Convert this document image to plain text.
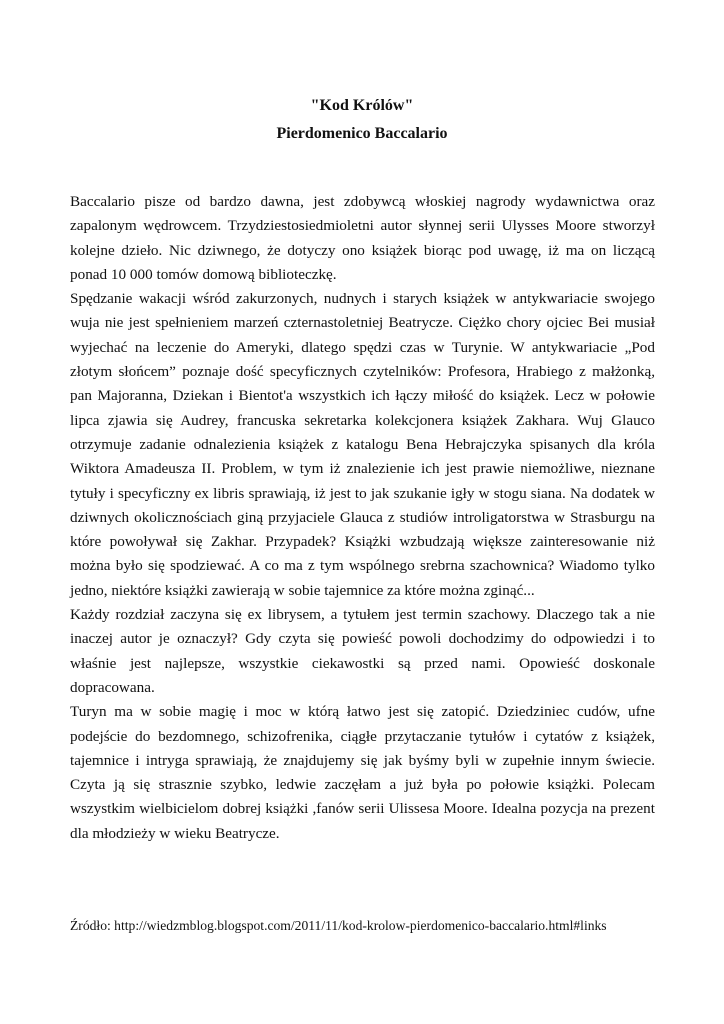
"Kod Królów"
Pierdomenico Baccalario

Baccalario pisze od bardzo dawna, jest zdobywcą włoskiej nagrody wydawnictwa oraz zapalonym wędrowcem. Trzydziestosiedmioletni autor słynnej serii Ulysses Moore stworzył kolejne dzieło. Nic dziwnego, że dotyczy ono książek biorąc pod uwagę, iż ma on liczącą ponad 10 000 tomów domową biblioteczkę.

Spędzanie wakacji wśród zakurzonych, nudnych i starych książek w antykwariacie swojego wuja nie jest spełnieniem marzeń czternastoletniej Beatrycze. Ciężko chory ojciec Bei musiał wyjechać na leczenie do Ameryki, dlatego spędzi czas w Turynie. W antykwariacie „Pod złotym słońcem” poznaje dość specyficznych czytelników: Profesora, Hrabiego z małżonką, pan Majoranna, Dziekan i Bientot'a wszystkich ich łączy miłość do książek. Lecz w połowie lipca zjawia się Audrey, francuska sekretarka kolekcjonera książek Zakhara. Wuj Glauco otrzymuje zadanie odnalezienia książek z katalogu Bena Hebrajczyka spisanych dla króla Wiktora Amadeusza II. Problem, w tym iż znalezienie ich jest prawie niemożliwe, nieznane tytuły i specyficzny ex libris sprawiają, iż jest to jak szukanie igły w stogu siana. Na dodatek w dziwnych okolicznościach giną przyjaciele Glauca z studiów introligatorstwa w Strasburgu na które powoływał się Zakhar. Przypadek? Książki wzbudzają większe zainteresowanie niż można było się spodziewać. A co ma z tym wspólnego srebrna szachownica? Wiadomo tylko jedno, niektóre książki zawierają w sobie tajemnice za które można zginąć...

Każdy rozdział zaczyna się ex librysem, a tytułem jest termin szachowy. Dlaczego tak a nie inaczej autor je oznaczył? Gdy czyta się powieść powoli dochodzimy do odpowiedzi i to właśnie jest najlepsze, wszystkie ciekawostki są przed nami. Opowieść doskonale dopracowana.

Turyn ma w sobie magię i moc w którą łatwo jest się zatopić. Dziedziniec cudów, ufne podejście do bezdomnego, schizofrenika, ciągłe przytaczanie tytułów i cytatów z książek, tajemnice i intryga sprawiają, że znajdujemy się jak byśmy byli w zupełnie innym świecie. Czyta ją się strasznie szybko, ledwie zaczęłam a już była po połowie książki. Polecam wszystkim wielbicielom dobrej książki ,fanów serii Ulissesa Moore. Idealna pozycja na prezent dla młodzieży w wieku Beatrycze.

Źródło: http://wiedzmblog.blogspot.com/2011/11/kod-krolow-pierdomenico-baccalario.html#links
